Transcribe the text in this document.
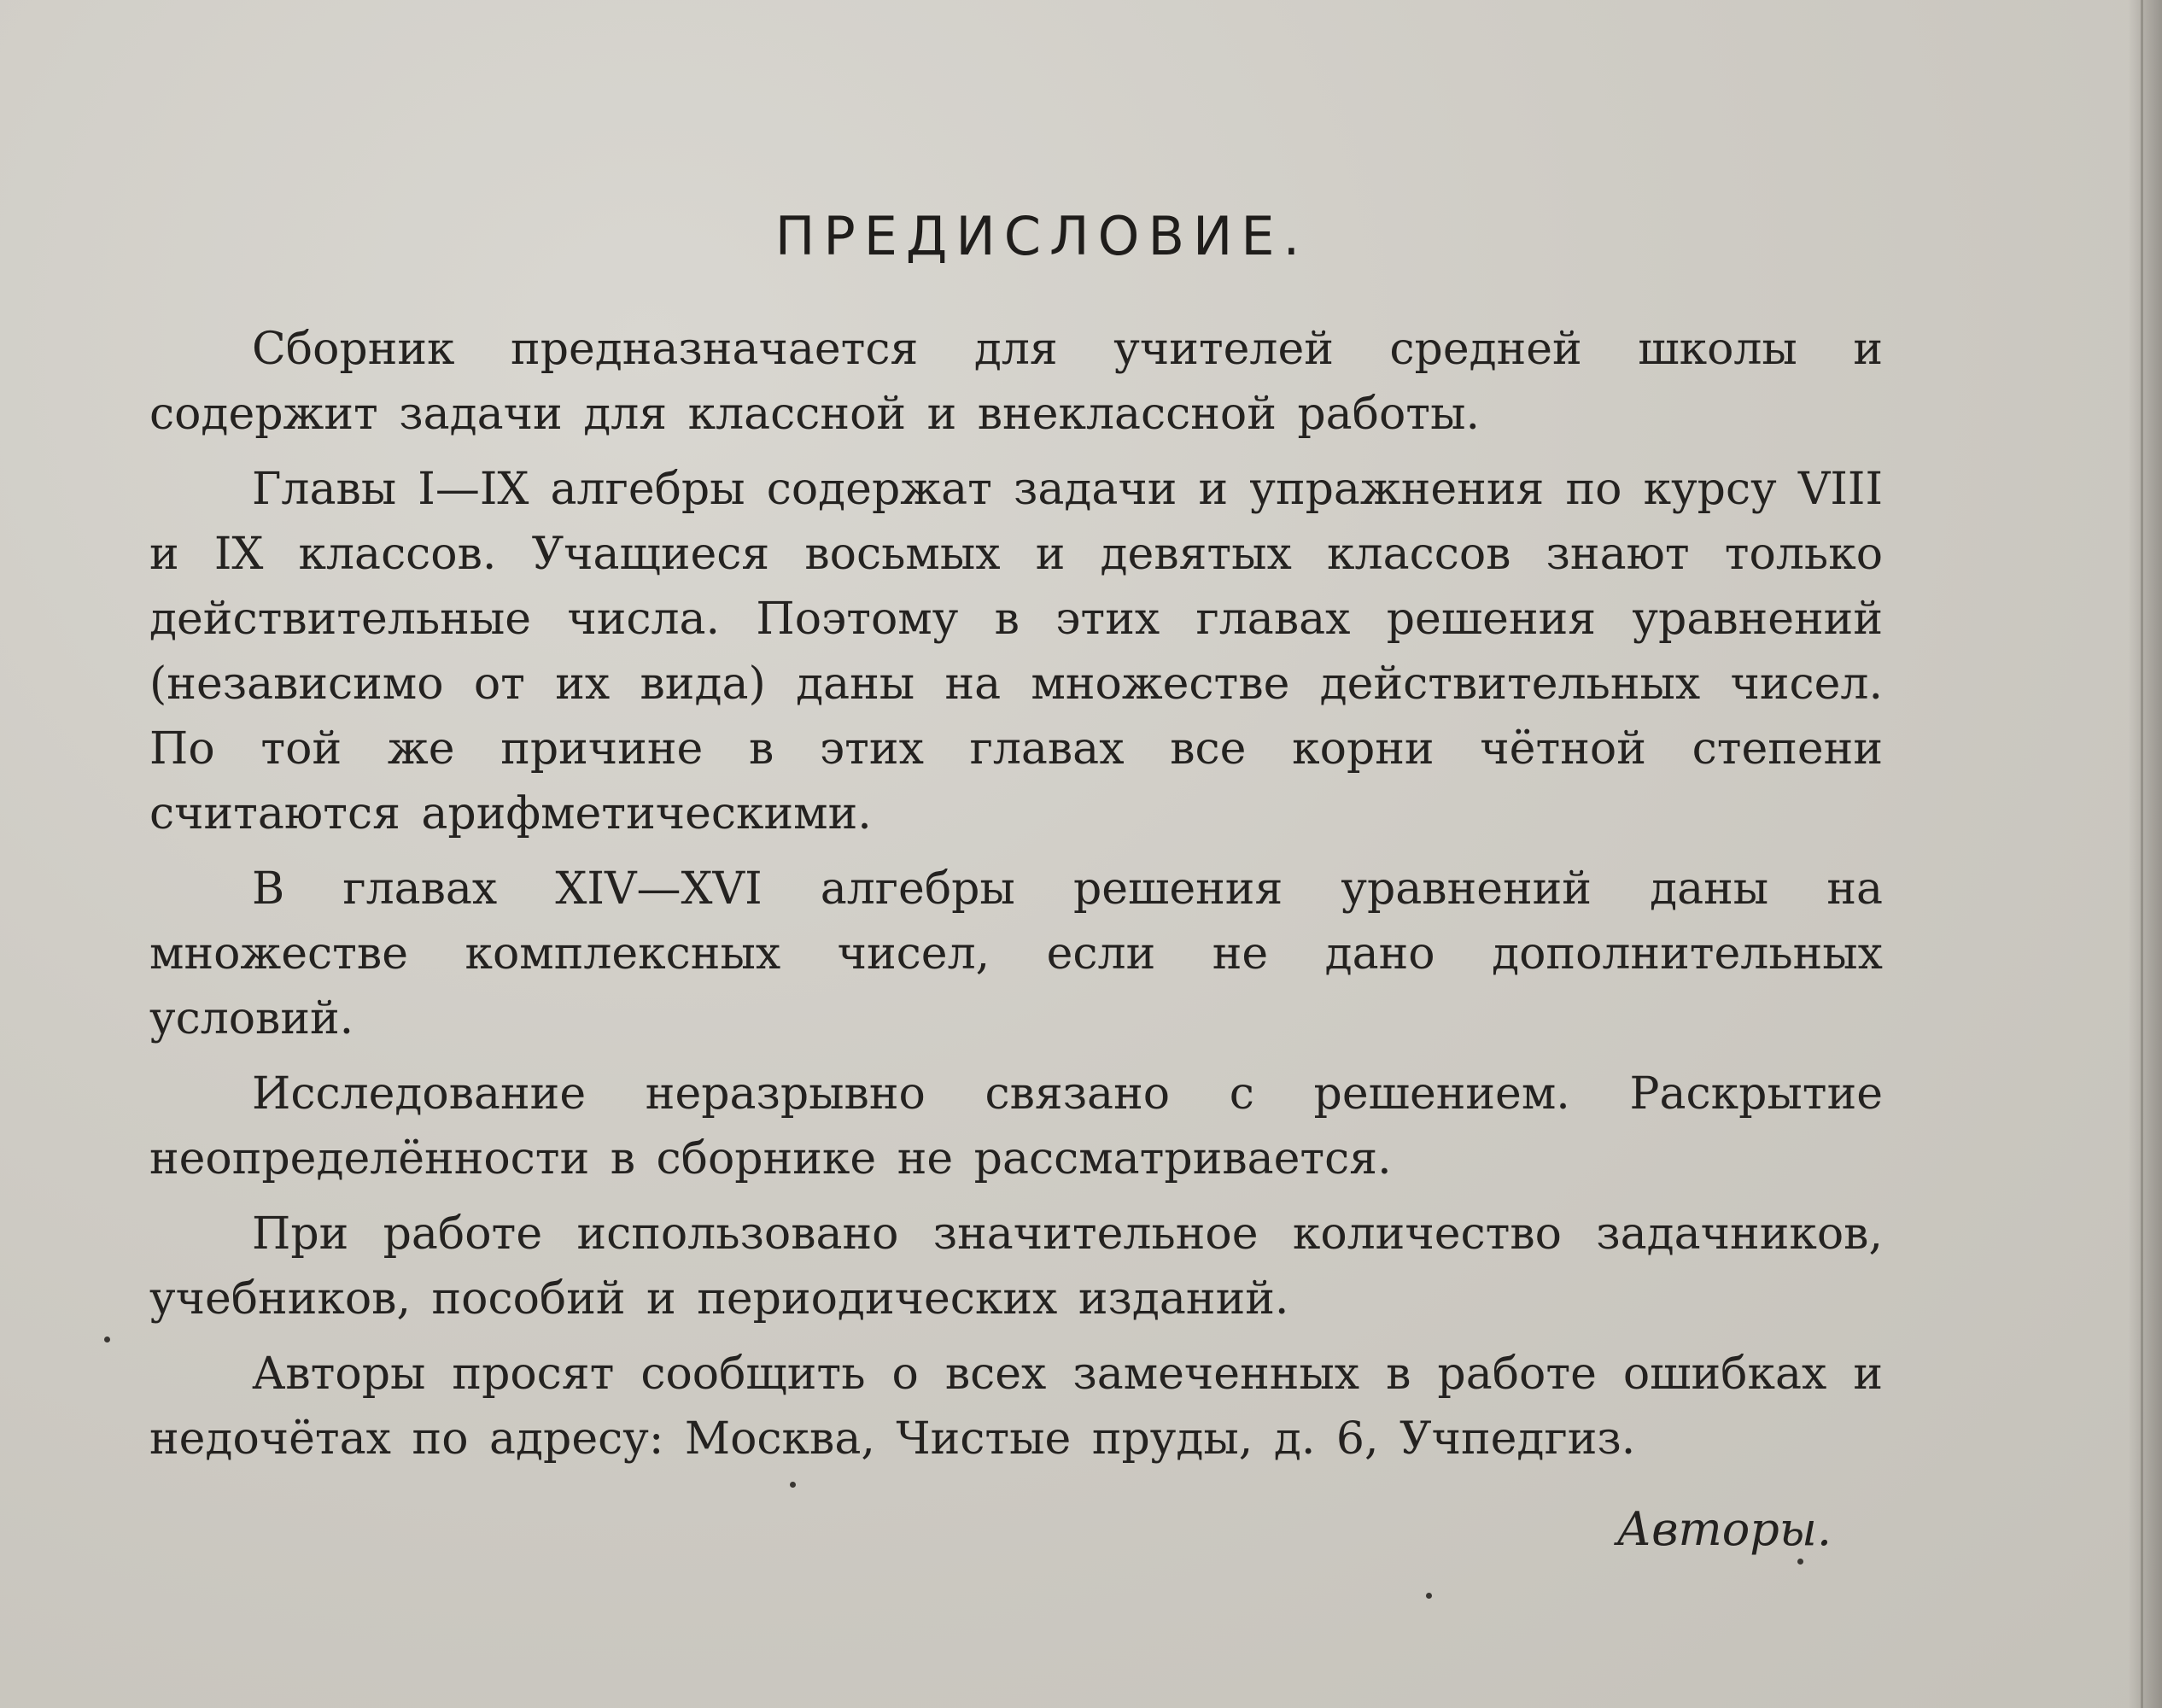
ПРЕДИСЛОВИЕ.

Сборник предназначается для учителей средней школы и содержит задачи для классной и внеклассной работы.

Главы I—IX алгебры содержат задачи и упражнения по курсу VIII и IX классов. Учащиеся восьмых и девятых классов знают только действительные числа. Поэтому в этих главах решения уравнений (независимо от их вида) даны на множестве действительных чисел. По той же причине в этих главах все корни чётной степени считаются арифметическими.

В главах XIV—XVI алгебры решения уравнений даны на множестве комплексных чисел, если не дано дополнительных условий.

Исследование неразрывно связано с решением. Раскрытие неопределённости в сборнике не рассматривается.

При работе использовано значительное количество задачников, учебников, пособий и периодических изданий.

Авторы просят сообщить о всех замеченных в работе ошибках и недочётах по адресу: Москва, Чистые пруды, д. 6, Учпедгиз.

Авторы.
